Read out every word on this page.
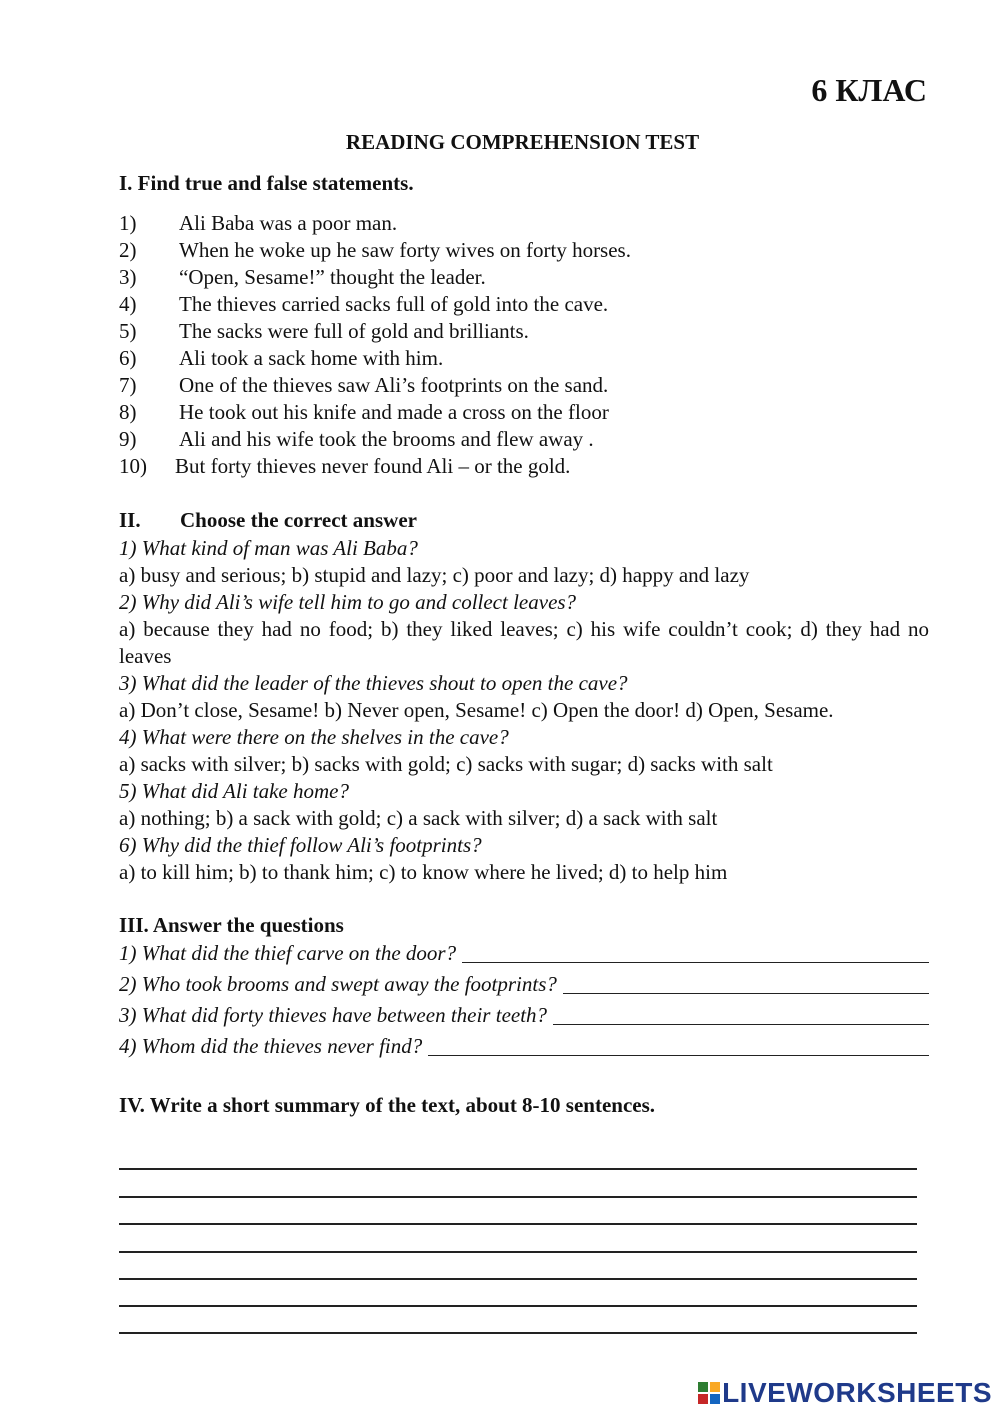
6 КЛАС
READING COMPREHENSION TEST
I. Find true and false statements.
1) Ali Baba was a poor man.
2) When he woke up he saw forty wives on forty horses.
3) “Open, Sesame!” thought the leader.
4) The thieves carried sacks full of gold into the cave.
5) The sacks were full of gold and brilliants.
6) Ali took a sack home with him.
7) One of the thieves saw Ali’s footprints on the sand.
8) He took out his knife and made a cross on the floor
9) Ali and his wife took the brooms and flew away .
10) But forty thieves never found Ali – or the gold.
II. Choose the correct answer
1) What kind of man was Ali Baba?
a) busy and serious; b) stupid and lazy; c) poor and lazy; d) happy and lazy
2) Why did Ali’s wife tell him to go and collect leaves?
a) because they had no food; b) they liked leaves; c) his wife couldn’t cook; d) they had no leaves
3) What did the leader of the thieves shout to open the cave?
a) Don’t close, Sesame! b) Never open, Sesame! c) Open the door! d) Open, Sesame.
4) What were there on the shelves in the cave?
a) sacks with silver; b) sacks with gold; c) sacks with sugar; d) sacks with salt
5) What did Ali take home?
a) nothing; b) a sack with gold; c) a sack with silver; d) a sack with salt
6) Why did the thief follow Ali’s footprints?
a) to kill him; b) to thank him; c) to know where he lived; d) to help him
III. Answer the questions
1) What did the thief carve on the door?
2) Who took brooms and swept away the footprints?
3) What did forty thieves have between their teeth?
4) Whom did the thieves never find?
IV. Write a short summary of the text, about 8-10 sentences.
LIVEWORKSHEETS
